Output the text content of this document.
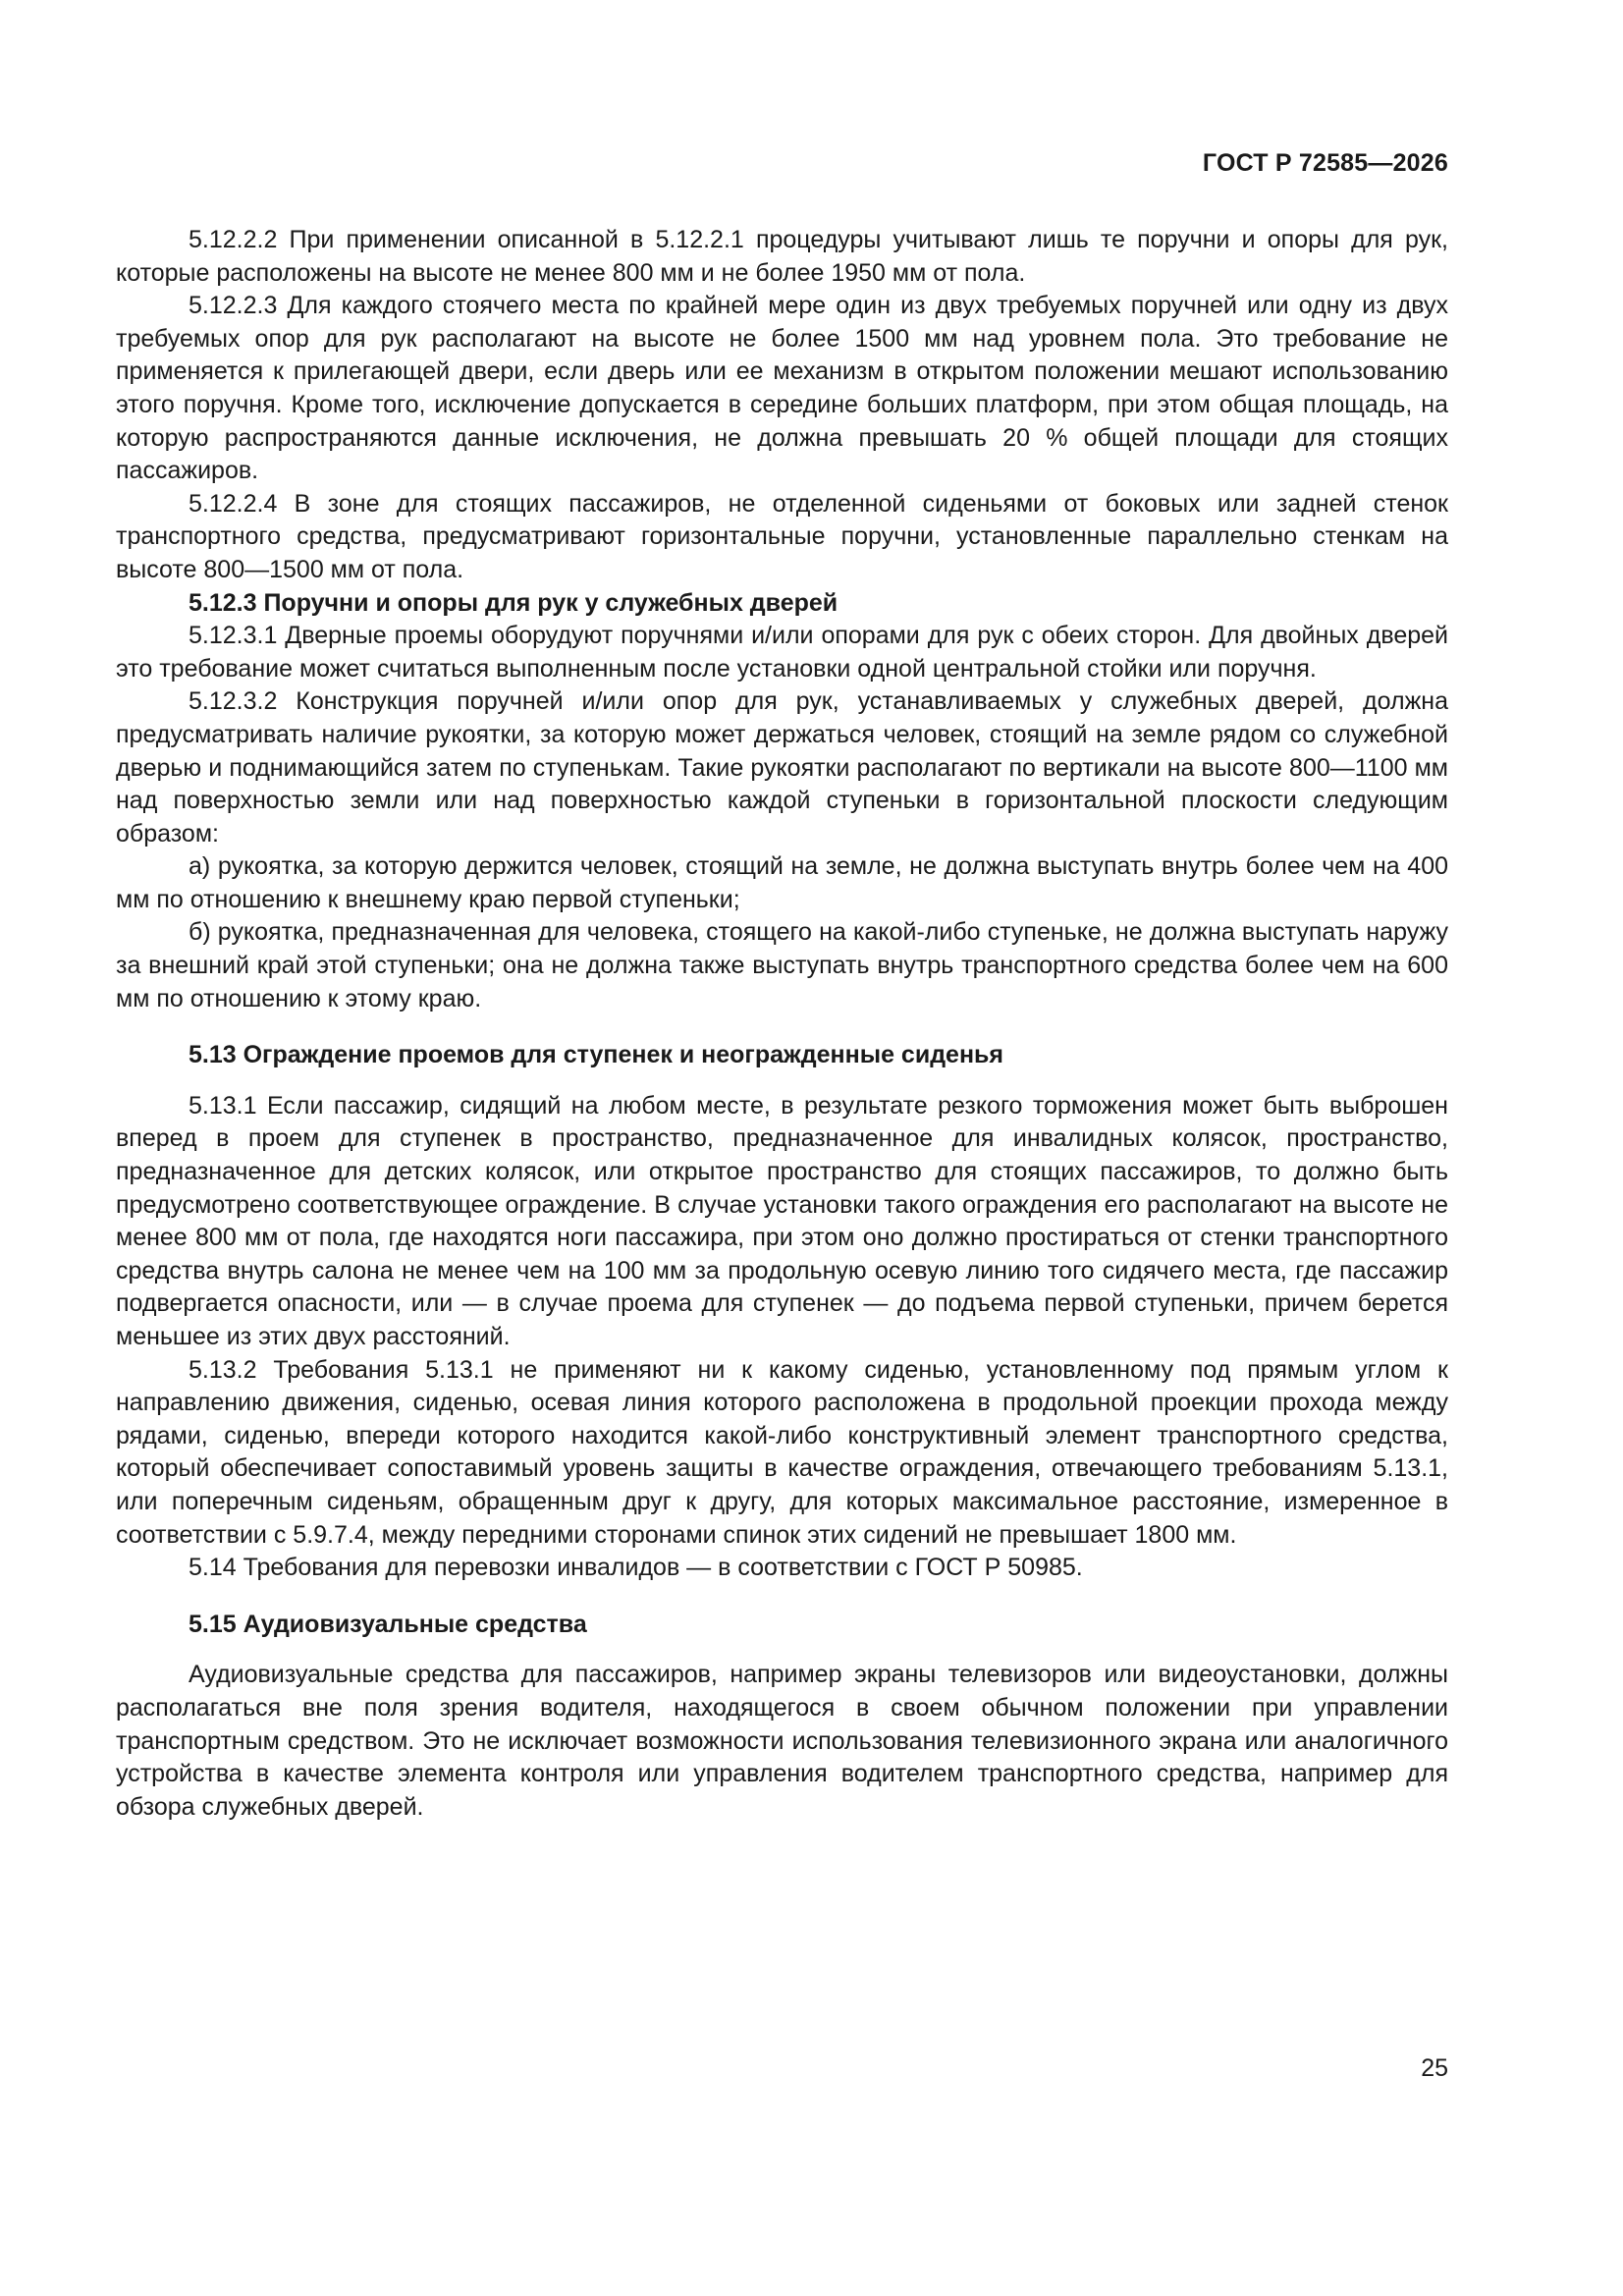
ГОСТ Р 72585—2026

5.12.2.2 При применении описанной в 5.12.2.1 процедуры учитывают лишь те поручни и опоры для рук, которые расположены на высоте не менее 800 мм и не более 1950 мм от пола.

5.12.2.3 Для каждого стоячего места по крайней мере один из двух требуемых поручней или одну из двух требуемых опор для рук располагают на высоте не более 1500 мм над уровнем пола. Это требование не применяется к прилегающей двери, если дверь или ее механизм в открытом положении мешают использованию этого поручня. Кроме того, исключение допускается в середине больших платформ, при этом общая площадь, на которую распространяются данные исключения, не должна превышать 20 % общей площади для стоящих пассажиров.

5.12.2.4 В зоне для стоящих пассажиров, не отделенной сиденьями от боковых или задней стенок транспортного средства, предусматривают горизонтальные поручни, установленные параллельно стенкам на высоте 800—1500 мм от пола.

5.12.3 Поручни и опоры для рук у служебных дверей

5.12.3.1 Дверные проемы оборудуют поручнями и/или опорами для рук с обеих сторон. Для двойных дверей это требование может считаться выполненным после установки одной центральной стойки или поручня.

5.12.3.2 Конструкция поручней и/или опор для рук, устанавливаемых у служебных дверей, должна предусматривать наличие рукоятки, за которую может держаться человек, стоящий на земле рядом со служебной дверью и поднимающийся затем по ступенькам. Такие рукоятки располагают по вертикали на высоте 800—1100 мм над поверхностью земли или над поверхностью каждой ступеньки в горизонтальной плоскости следующим образом:

а) рукоятка, за которую держится человек, стоящий на земле, не должна выступать внутрь более чем на 400 мм по отношению к внешнему краю первой ступеньки;

б) рукоятка, предназначенная для человека, стоящего на какой-либо ступеньке, не должна выступать наружу за внешний край этой ступеньки; она не должна также выступать внутрь транспортного средства более чем на 600 мм по отношению к этому краю.

5.13 Ограждение проемов для ступенек и неогражденные сиденья

5.13.1 Если пассажир, сидящий на любом месте, в результате резкого торможения может быть выброшен вперед в проем для ступенек в пространство, предназначенное для инвалидных колясок, пространство, предназначенное для детских колясок, или открытое пространство для стоящих пассажиров, то должно быть предусмотрено соответствующее ограждение. В случае установки такого ограждения его располагают на высоте не менее 800 мм от пола, где находятся ноги пассажира, при этом оно должно простираться от стенки транспортного средства внутрь салона не менее чем на 100 мм за продольную осевую линию того сидячего места, где пассажир подвергается опасности, или — в случае проема для ступенек — до подъема первой ступеньки, причем берется меньшее из этих двух расстояний.

5.13.2 Требования 5.13.1 не применяют ни к какому сиденью, установленному под прямым углом к направлению движения, сиденью, осевая линия которого расположена в продольной проекции прохода между рядами, сиденью, впереди которого находится какой-либо конструктивный элемент транспортного средства, который обеспечивает сопоставимый уровень защиты в качестве ограждения, отвечающего требованиям 5.13.1, или поперечным сиденьям, обращенным друг к другу, для которых максимальное расстояние, измеренное в соответствии с 5.9.7.4, между передними сторонами спинок этих сидений не превышает 1800 мм.

5.14 Требования для перевозки инвалидов — в соответствии с ГОСТ Р 50985.

5.15 Аудиовизуальные средства

Аудиовизуальные средства для пассажиров, например экраны телевизоров или видеоустановки, должны располагаться вне поля зрения водителя, находящегося в своем обычном положении при управлении транспортным средством. Это не исключает возможности использования телевизионного экрана или аналогичного устройства в качестве элемента контроля или управления водителем транспортного средства, например для обзора служебных дверей.

25
